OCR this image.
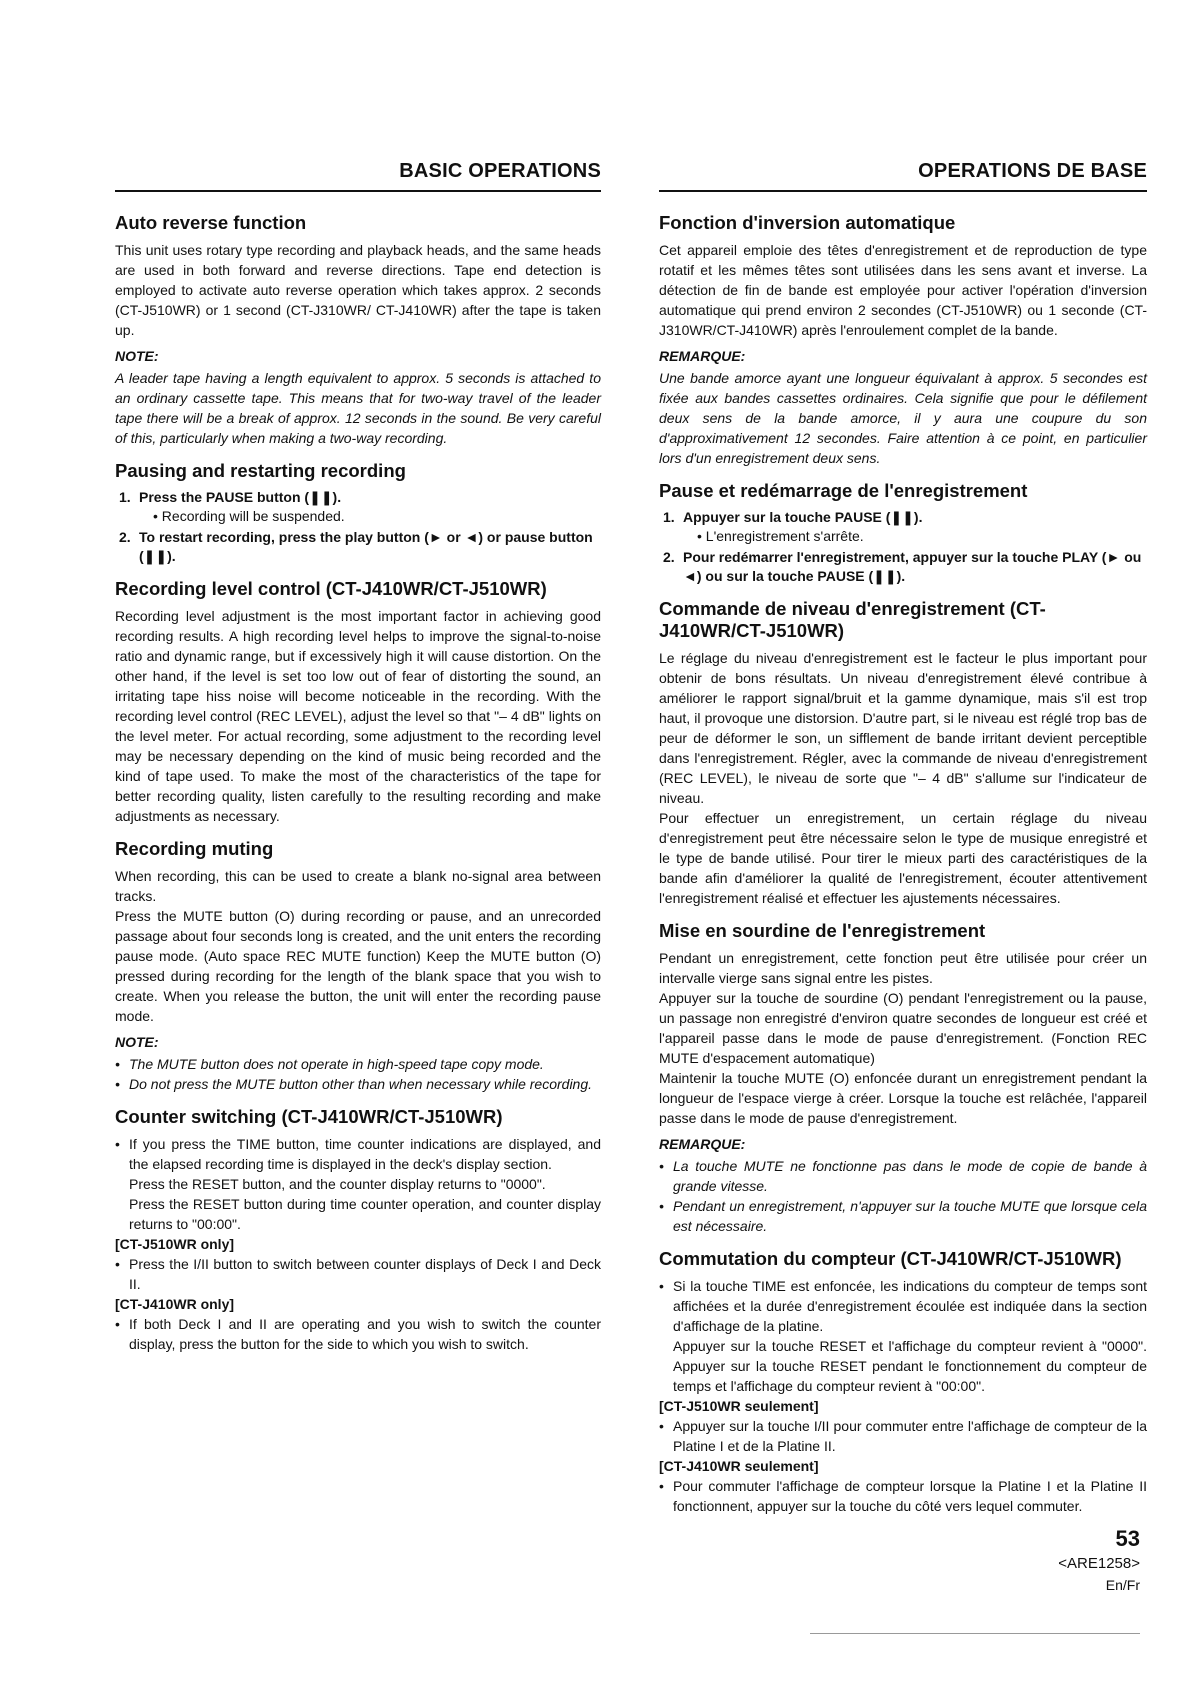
BASIC OPERATIONS
Auto reverse function

This unit uses rotary type recording and playback heads, and the same heads are used in both forward and reverse directions. Tape end detection is employed to activate auto reverse operation which takes approx. 2 seconds (CT-J510WR) or 1 second (CT-J310WR/ CT-J410WR) after the tape is taken up.

NOTE:

A leader tape having a length equivalent to approx. 5 seconds is attached to an ordinary cassette tape. This means that for two-way travel of the leader tape there will be a break of approx. 12 seconds in the sound. Be very careful of this, particularly when making a two-way recording.

Pausing and restarting recording
1. Press the PAUSE button (❚❚).
• Recording will be suspended.
2. To restart recording, press the play button (► or ◄) or pause button (❚❚).
Recording level control (CT-J410WR/CT-J510WR)

Recording level adjustment is the most important factor in achieving good recording results. A high recording level helps to improve the signal-to-noise ratio and dynamic range, but if excessively high it will cause distortion. On the other hand, if the level is set too low out of fear of distorting the sound, an irritating tape hiss noise will become noticeable in the recording. With the recording level control (REC LEVEL), adjust the level so that "– 4 dB" lights on the level meter. For actual recording, some adjustment to the recording level may be necessary depending on the kind of music being recorded and the kind of tape used. To make the most of the characteristics of the tape for better recording quality, listen carefully to the resulting recording and make adjustments as necessary.

Recording muting

When recording, this can be used to create a blank no-signal area between tracks.

Press the MUTE button (O) during recording or pause, and an unrecorded passage about four seconds long is created, and the unit enters the recording pause mode. (Auto space REC MUTE function) Keep the MUTE button (O) pressed during recording for the length of the blank space that you wish to create. When you release the button, the unit will enter the recording pause mode.

NOTE:
• The MUTE button does not operate in high-speed tape copy mode.
• Do not press the MUTE button other than when necessary while recording.
Counter switching (CT-J410WR/CT-J510WR)
• If you press the TIME button, time counter indications are displayed, and the elapsed recording time is displayed in the deck's display section.
Press the RESET button, and the counter display returns to "0000".
Press the RESET button during time counter operation, and counter display returns to "00:00".
[CT-J510WR only]
• Press the I/II button to switch between counter displays of Deck I and Deck II.
[CT-J410WR only]
• If both Deck I and II are operating and you wish to switch the counter display, press the button for the side to which you wish to switch.
OPERATIONS DE BASE
Fonction d'inversion automatique

Cet appareil emploie des têtes d'enregistrement et de reproduction de type rotatif et les mêmes têtes sont utilisées dans les sens avant et inverse. La détection de fin de bande est employée pour activer l'opération d'inversion automatique qui prend environ 2 secondes (CT-J510WR) ou 1 seconde (CT-J310WR/CT-J410WR) après l'enroulement complet de la bande.

REMARQUE:

Une bande amorce ayant une longueur équivalant à approx. 5 secondes est fixée aux bandes cassettes ordinaires. Cela signifie que pour le défilement deux sens de la bande amorce, il y aura une coupure du son d'approximativement 12 secondes. Faire attention à ce point, en particulier lors d'un enregistrement deux sens.

Pause et redémarrage de l'enregistrement
1. Appuyer sur la touche PAUSE (❚❚).
• L'enregistrement s'arrête.
2. Pour redémarrer l'enregistrement, appuyer sur la touche PLAY (► ou ◄) ou sur la touche PAUSE (❚❚).
Commande de niveau d'enregistrement (CT-J410WR/CT-J510WR)

Le réglage du niveau d'enregistrement est le facteur le plus important pour obtenir de bons résultats. Un niveau d'enregistrement élevé contribue à améliorer le rapport signal/bruit et la gamme dynamique, mais s'il est trop haut, il provoque une distorsion. D'autre part, si le niveau est réglé trop bas de peur de déformer le son, un sifflement de bande irritant devient perceptible dans l'enregistrement. Régler, avec la commande de niveau d'enregistrement (REC LEVEL), le niveau de sorte que "– 4 dB" s'allume sur l'indicateur de niveau.

Pour effectuer un enregistrement, un certain réglage du niveau d'enregistrement peut être nécessaire selon le type de musique enregistré et le type de bande utilisé. Pour tirer le mieux parti des caractéristiques de la bande afin d'améliorer la qualité de l'enregistrement, écouter attentivement l'enregistrement réalisé et effectuer les ajustements nécessaires.

Mise en sourdine de l'enregistrement

Pendant un enregistrement, cette fonction peut être utilisée pour créer un intervalle vierge sans signal entre les pistes.

Appuyer sur la touche de sourdine (O) pendant l'enregistrement ou la pause, un passage non enregistré d'environ quatre secondes de longueur est créé et l'appareil passe dans le mode de pause d'enregistrement. (Fonction REC MUTE d'espacement automatique)

Maintenir la touche MUTE (O) enfoncée durant un enregistrement pendant la longueur de l'espace vierge à créer. Lorsque la touche est relâchée, l'appareil passe dans le mode de pause d'enregistrement.

REMARQUE:
• La touche MUTE ne fonctionne pas dans le mode de copie de bande à grande vitesse.
• Pendant un enregistrement, n'appuyer sur la touche MUTE que lorsque cela est nécessaire.
Commutation du compteur (CT-J410WR/CT-J510WR)
• Si la touche TIME est enfoncée, les indications du compteur de temps sont affichées et la durée d'enregistrement écoulée est indiquée dans la section d'affichage de la platine.
Appuyer sur la touche RESET et l'affichage du compteur revient à "0000". Appuyer sur la touche RESET pendant le fonctionnement du compteur de temps et l'affichage du compteur revient à "00:00".
[CT-J510WR seulement]
• Appuyer sur la touche I/II pour commuter entre l'affichage de compteur de la Platine I et de la Platine II.
[CT-J410WR seulement]
• Pour commuter l'affichage de compteur lorsque la Platine I et la Platine II fonctionnent, appuyer sur la touche du côté vers lequel commuter.
53
<ARE1258>
En/Fr
